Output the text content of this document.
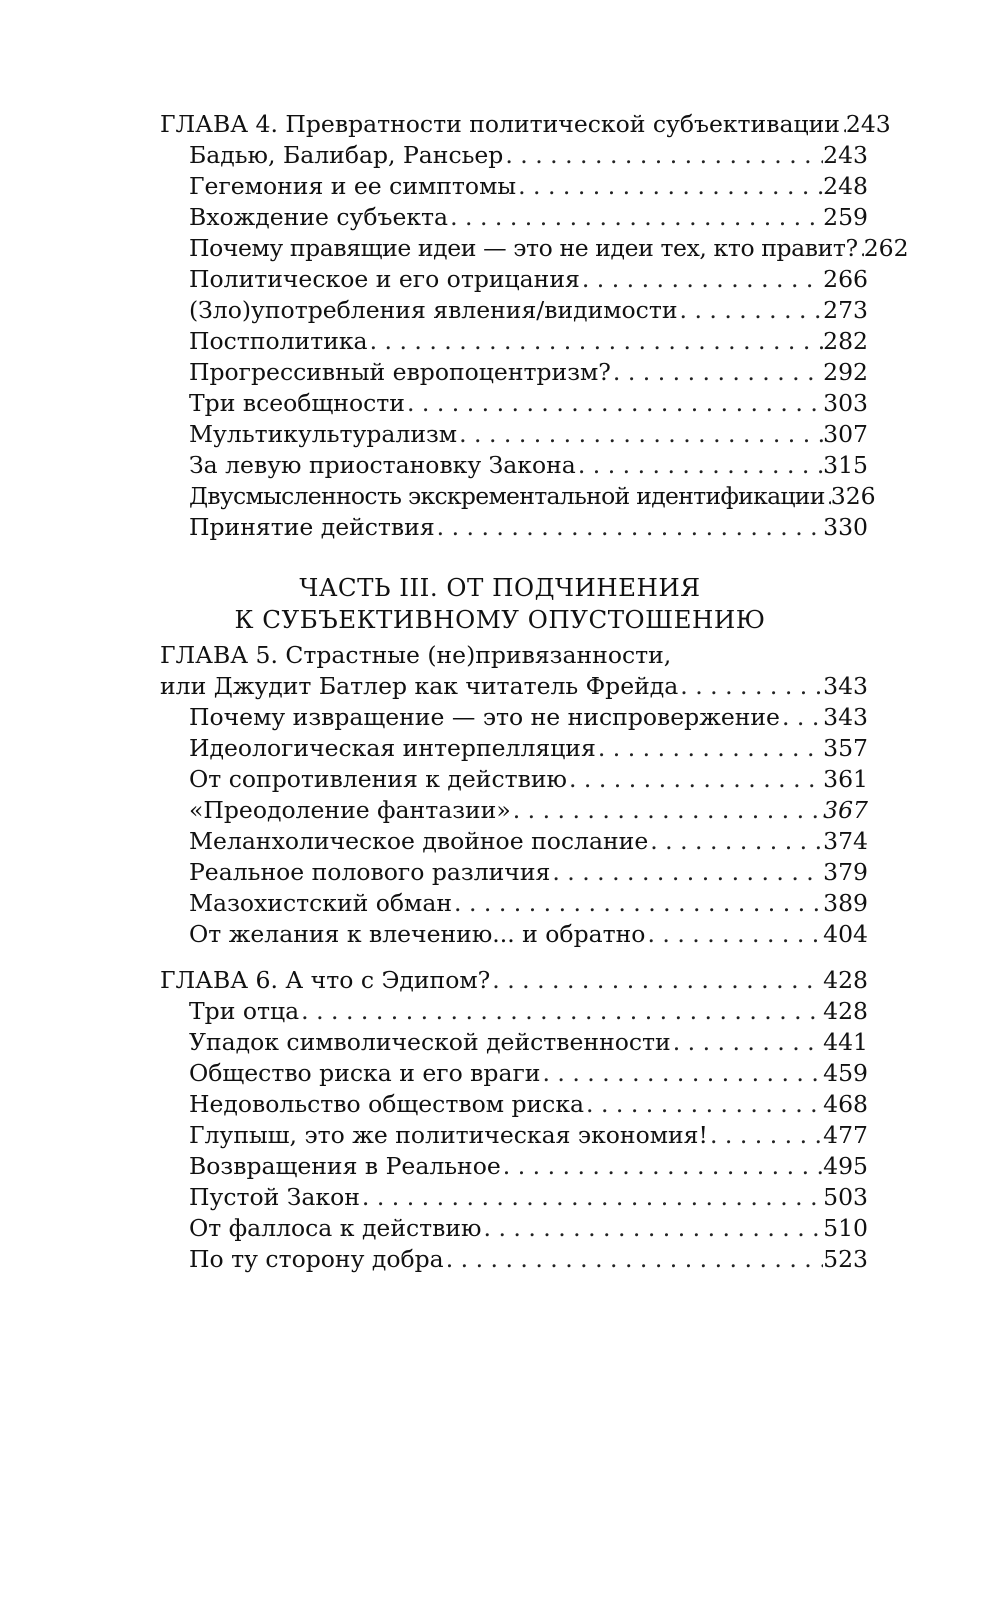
ГЛАВА 4. Превратности политической субъективации . . . 243
Бадью, Балибар, Рансьер . . .	243
Гегемония и ее симптомы . . .	248
Вхождение субъекта . . .	259
Почему правящие идеи — это не идеи тех, кто правит? . . . 262
Политическое и его отрицания . . .	266
(Зло)употребления явления/видимости . . .	273
Постполитика . . .	282
Прогрессивный европоцентризм? . . .	292
Три всеобщности . . .	303
Мультикультурализм . . .	307
За левую приостановку Закона . . .	315
Двусмысленность экскрементальной идентификации . . . 326
Принятие действия . . .	330
ЧАСТЬ III. ОТ ПОДЧИНЕНИЯ
К СУБЪЕКТИВНОМУ ОПУСТОШЕНИЮ
ГЛАВА 5. Страстные (не)привязанности,
или Джудит Батлер как читатель Фрейда . . .	343
Почему извращение — это не ниспровержение . . . 343
Идеологическая интерпелляция . . .	357
От сопротивления к действию . . .	361
«Преодоление фантазии» . . .	367
Меланхолическое двойное послание . . .	374
Реальное полового различия . . .	379
Мазохистский обман . . .	389
От желания к влечению... и обратно . . .	404
ГЛАВА 6. А что с Эдипом? . . .	428
Три отца . . .	428
Упадок символической действенности . . .	441
Общество риска и его враги . . .	459
Недовольство обществом риска . . .	468
Глупыш, это же политическая экономия! . . .	477
Возвращения в Реальное . . .	495
Пустой Закон . . .	503
От фаллоса к действию . . .	510
По ту сторону добра . . .	523
